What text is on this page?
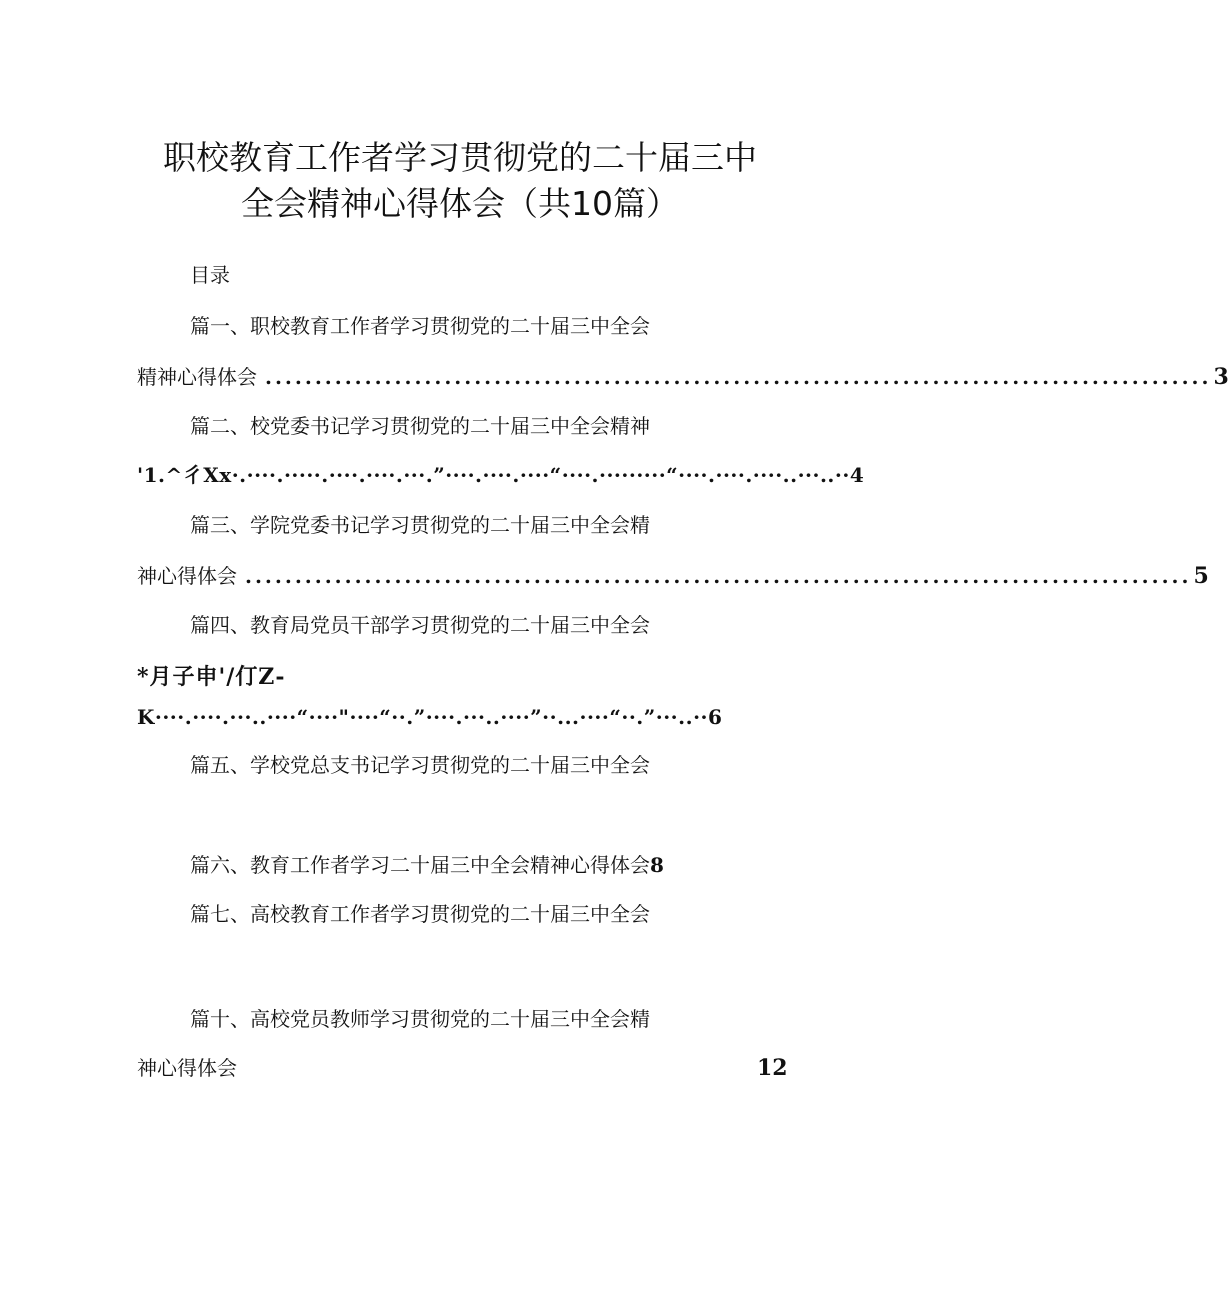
职校教育工作者学习贯彻党的二十届三中
全会精神心得体会（共10篇）
目录
篇一、职校教育工作者学习贯彻党的二十届三中全会
精神心得体会 ............................................................................................... 3
篇二、校党委书记学习贯彻党的二十届三中全会精神
'1.^彳Xx·.····.·····.····.····.···.”····.····.····“····.·········“····.····.····..···..··4
篇三、学院党委书记学习贯彻党的二十届三中全会精
神心得体会 ............................................................................................... 5
篇四、教育局党员干部学习贯彻党的二十届三中全会
*月子申'/仃Z-
K····.····.···..····“····"····“··.”····.···..····”··...····“··.”···..··6
篇五、学校党总支书记学习贯彻党的二十届三中全会
篇六、教育工作者学习二十届三中全会精神心得体会8
篇七、高校教育工作者学习贯彻党的二十届三中全会
篇十、高校党员教师学习贯彻党的二十届三中全会精
神心得体会	12
